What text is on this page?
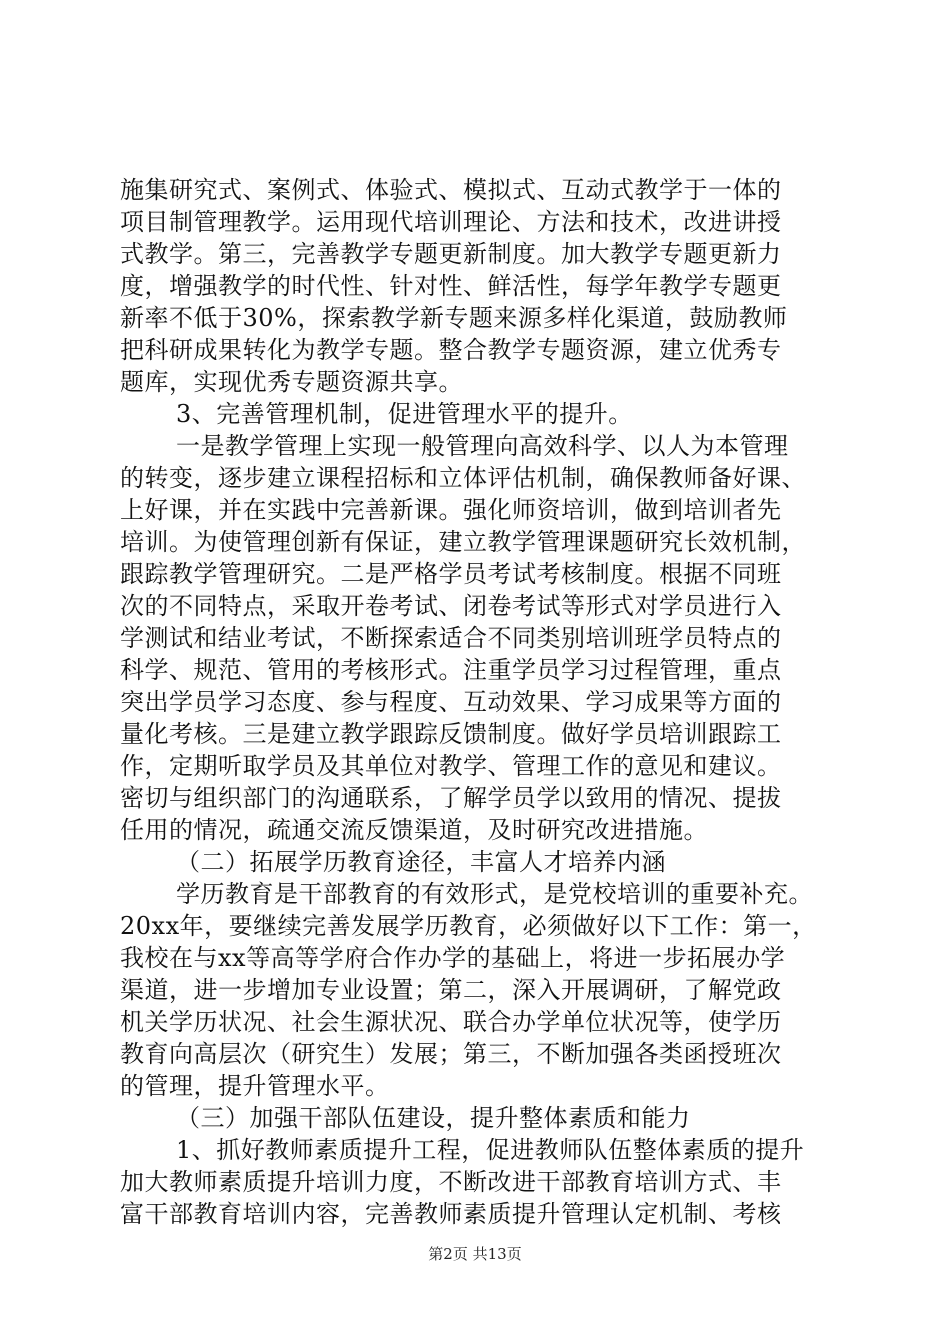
施集研究式、案例式、体验式、模拟式、互动式教学于一体的
项目制管理教学。运用现代培训理论、方法和技术，改进讲授
式教学。第三，完善教学专题更新制度。加大教学专题更新力
度，增强教学的时代性、针对性、鲜活性，每学年教学专题更
新率不低于30%，探索教学新专题来源多样化渠道，鼓励教师
把科研成果转化为教学专题。整合教学专题资源，建立优秀专
题库，实现优秀专题资源共享。
3、完善管理机制，促进管理水平的提升。
一是教学管理上实现一般管理向高效科学、以人为本管理
的转变，逐步建立课程招标和立体评估机制，确保教师备好课、
上好课，并在实践中完善新课。强化师资培训，做到培训者先
培训。为使管理创新有保证，建立教学管理课题研究长效机制，
跟踪教学管理研究。二是严格学员考试考核制度。根据不同班
次的不同特点，采取开卷考试、闭卷考试等形式对学员进行入
学测试和结业考试，不断探索适合不同类别培训班学员特点的
科学、规范、管用的考核形式。注重学员学习过程管理，重点
突出学员学习态度、参与程度、互动效果、学习成果等方面的
量化考核。三是建立教学跟踪反馈制度。做好学员培训跟踪工
作，定期听取学员及其单位对教学、管理工作的意见和建议。
密切与组织部门的沟通联系，了解学员学以致用的情况、提拔
任用的情况，疏通交流反馈渠道，及时研究改进措施。
（二）拓展学历教育途径，丰富人才培养内涵
学历教育是干部教育的有效形式，是党校培训的重要补充。
20xx年，要继续完善发展学历教育，必须做好以下工作：第一，
我校在与xx等高等学府合作办学的基础上，将进一步拓展办学
渠道，进一步增加专业设置；第二，深入开展调研，了解党政
机关学历状况、社会生源状况、联合办学单位状况等，使学历
教育向高层次（研究生）发展；第三，不断加强各类函授班次
的管理，提升管理水平。
（三）加强干部队伍建设，提升整体素质和能力
1、抓好教师素质提升工程，促进教师队伍整体素质的提升
加大教师素质提升培训力度，不断改进干部教育培训方式、丰
富干部教育培训内容，完善教师素质提升管理认定机制、考核
第2页 共13页
